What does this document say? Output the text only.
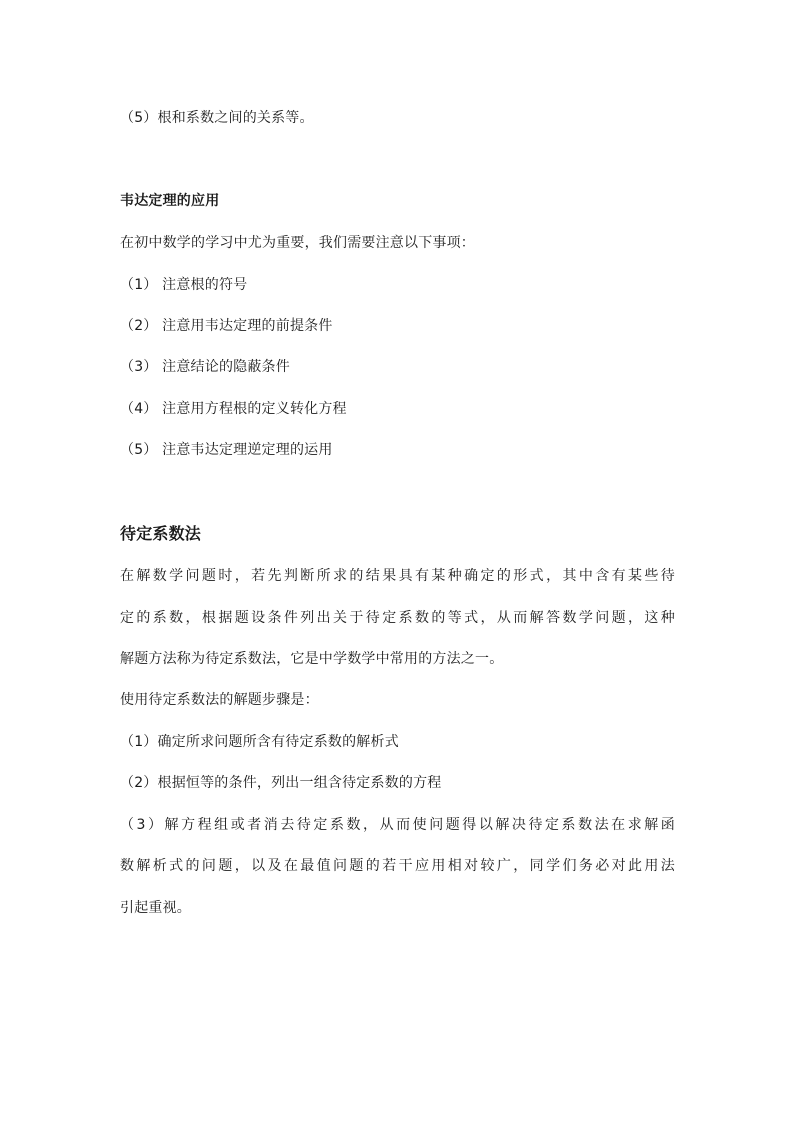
（5）根和系数之间的关系等。
韦达定理的应用
在初中数学的学习中尤为重要，我们需要注意以下事项：
（1） 注意根的符号
（2） 注意用韦达定理的前提条件
（3） 注意结论的隐蔽条件
（4） 注意用方程根的定义转化方程
（5） 注意韦达定理逆定理的运用
待定系数法
在解数学问题时，若先判断所求的结果具有某种确定的形式，其中含有某些待
定的系数，根据题设条件列出关于待定系数的等式，从而解答数学问题，这种
解题方法称为待定系数法，它是中学数学中常用的方法之一。
使用待定系数法的解题步骤是：
（1）确定所求问题所含有待定系数的解析式
（2）根据恒等的条件，列出一组含待定系数的方程
（3）解方程组或者消去待定系数，从而使问题得以解决待定系数法在求解函
数解析式的问题，以及在最值问题的若干应用相对较广，同学们务必对此用法
引起重视。
